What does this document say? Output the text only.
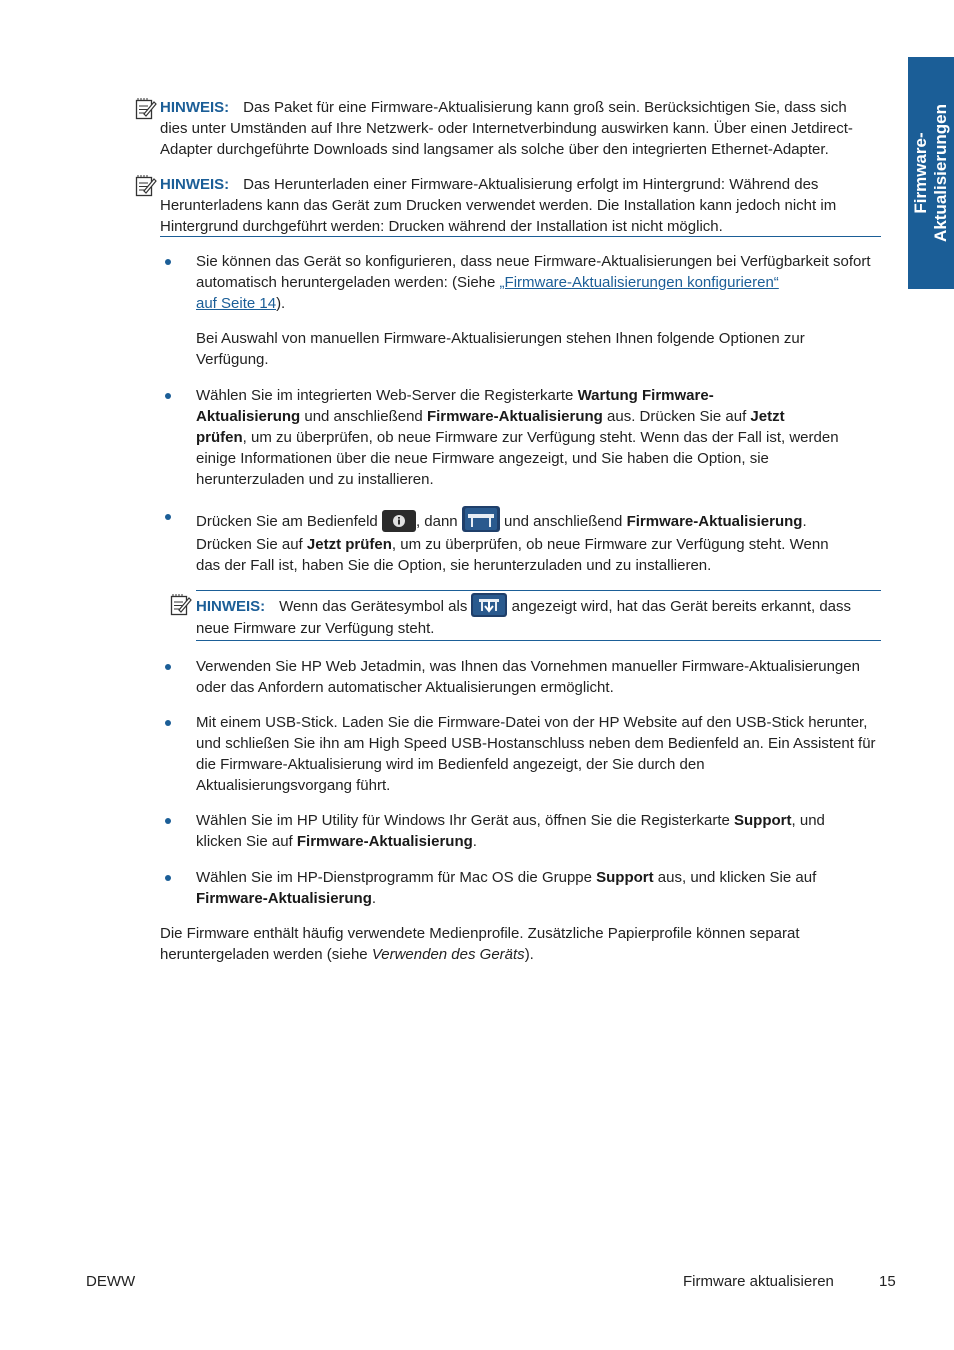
Firmware- Aktualisierungen
HINWEIS: Das Paket für eine Firmware-Aktualisierung kann groß sein. Berücksichtigen Sie, dass sich
dies unter Umständen auf Ihre Netzwerk- oder Internetverbindung auswirken kann. Über einen Jetdirect-
Adapter durchgeführte Downloads sind langsamer als solche über den integrierten Ethernet-Adapter.
HINWEIS: Das Herunterladen einer Firmware-Aktualisierung erfolgt im Hintergrund: Während des
Herunterladens kann das Gerät zum Drucken verwendet werden. Die Installation kann jedoch nicht im
Hintergrund durchgeführt werden: Drucken während der Installation ist nicht möglich.
Sie können das Gerät so konfigurieren, dass neue Firmware-Aktualisierungen bei Verfügbarkeit sofort
automatisch heruntergeladen werden: (Siehe „Firmware-Aktualisierungen konfigurieren“
auf Seite 14).
Bei Auswahl von manuellen Firmware-Aktualisierungen stehen Ihnen folgende Optionen zur
Verfügung.
Wählen Sie im integrierten Web-Server die Registerkarte Wartung Firmware-
Aktualisierung und anschließend Firmware-Aktualisierung aus. Drücken Sie auf Jetzt
prüfen, um zu überprüfen, ob neue Firmware zur Verfügung steht. Wenn das der Fall ist, werden
einige Informationen über die neue Firmware angezeigt, und Sie haben die Option, sie
herunterzuladen und zu installieren.
Drücken Sie am Bedienfeld , dann	und anschließend Firmware-Aktualisierung.
Drücken Sie auf Jetzt prüfen, um zu überprüfen, ob neue Firmware zur Verfügung steht. Wenn
das der Fall ist, haben Sie die Option, sie herunterzuladen und zu installieren.
HINWEIS: Wenn das Gerätesymbol als  angezeigt wird, hat das Gerät bereits erkannt, dass
neue Firmware zur Verfügung steht.
Verwenden Sie HP Web Jetadmin, was Ihnen das Vornehmen manueller Firmware-Aktualisierungen
oder das Anfordern automatischer Aktualisierungen ermöglicht.
Mit einem USB-Stick. Laden Sie die Firmware-Datei von der HP Website auf den USB-Stick herunter,
und schließen Sie ihn am High Speed USB-Hostanschluss neben dem Bedienfeld an. Ein Assistent für
die Firmware-Aktualisierung wird im Bedienfeld angezeigt, der Sie durch den
Aktualisierungsvorgang führt.
Wählen Sie im HP Utility für Windows Ihr Gerät aus, öffnen Sie die Registerkarte Support, und
klicken Sie auf Firmware-Aktualisierung.
Wählen Sie im HP-Dienstprogramm für Mac OS die Gruppe Support aus, und klicken Sie auf
Firmware-Aktualisierung.
Die Firmware enthält häufig verwendete Medienprofile. Zusätzliche Papierprofile können separat
heruntergeladen werden (siehe Verwenden des Geräts).
DEWW	Firmware aktualisieren	15
